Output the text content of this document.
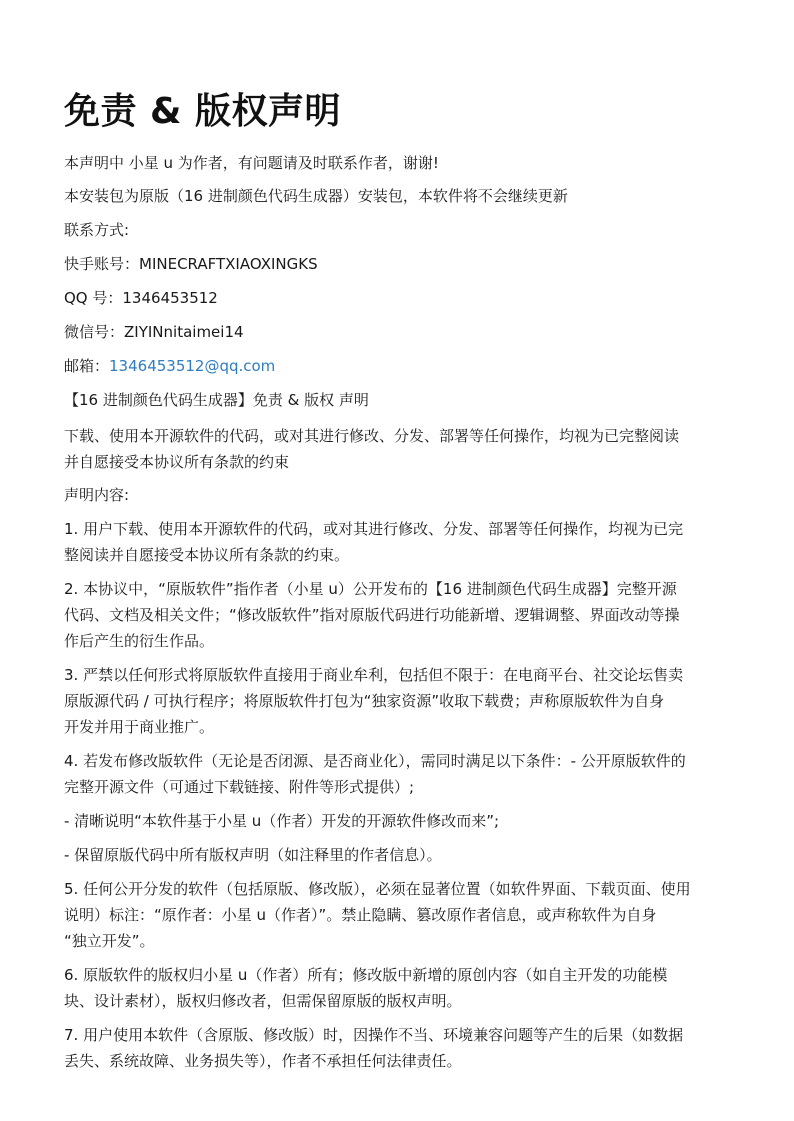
免责 & 版权声明

本声明中 小星 u 为作者，有问题请及时联系作者，谢谢!

本安装包为原版（16 进制颜色代码生成器）安装包，本软件将不会继续更新

联系方式:

快手账号：MINECRAFTXIAOXINGKS

QQ 号：1346453512

微信号：ZIYINnitaimei14

邮箱：1346453512@qq.com

【16 进制颜色代码生成器】免责 & 版权 声明

下载、使用本开源软件的代码，或对其进行修改、分发、部署等任何操作，均视为已完整阅读

并自愿接受本协议所有条款的约束

声明内容:

1. 用户下载、使用本开源软件的代码，或对其进行修改、分发、部署等任何操作，均视为已完

整阅读并自愿接受本协议所有条款的约束。

2. 本协议中，“原版软件”指作者（小星 u）公开发布的【16 进制颜色代码生成器】完整开源

代码、文档及相关文件；“修改版软件”指对原版代码进行功能新增、逻辑调整、界面改动等操

作后产生的衍生作品。

3. 严禁以任何形式将原版软件直接用于商业牟利，包括但不限于：在电商平台、社交论坛售卖

原版源代码 / 可执行程序；将原版软件打包为“独家资源”收取下载费；声称原版软件为自身

开发并用于商业推广。

4. 若发布修改版软件（无论是否闭源、是否商业化），需同时满足以下条件：- 公开原版软件的

完整开源文件（可通过下载链接、附件等形式提供）;

- 清晰说明“本软件基于小星 u（作者）开发的开源软件修改而来”;

- 保留原版代码中所有版权声明（如注释里的作者信息）。

5. 任何公开分发的软件（包括原版、修改版），必须在显著位置（如软件界面、下载页面、使用

说明）标注：“原作者：小星 u（作者）”。禁止隐瞒、篡改原作者信息，或声称软件为自身

“独立开发”。

6. 原版软件的版权归小星 u（作者）所有；修改版中新增的原创内容（如自主开发的功能模

块、设计素材），版权归修改者，但需保留原版的版权声明。

7. 用户使用本软件（含原版、修改版）时，因操作不当、环境兼容问题等产生的后果（如数据

丢失、系统故障、业务损失等），作者不承担任何法律责任。
